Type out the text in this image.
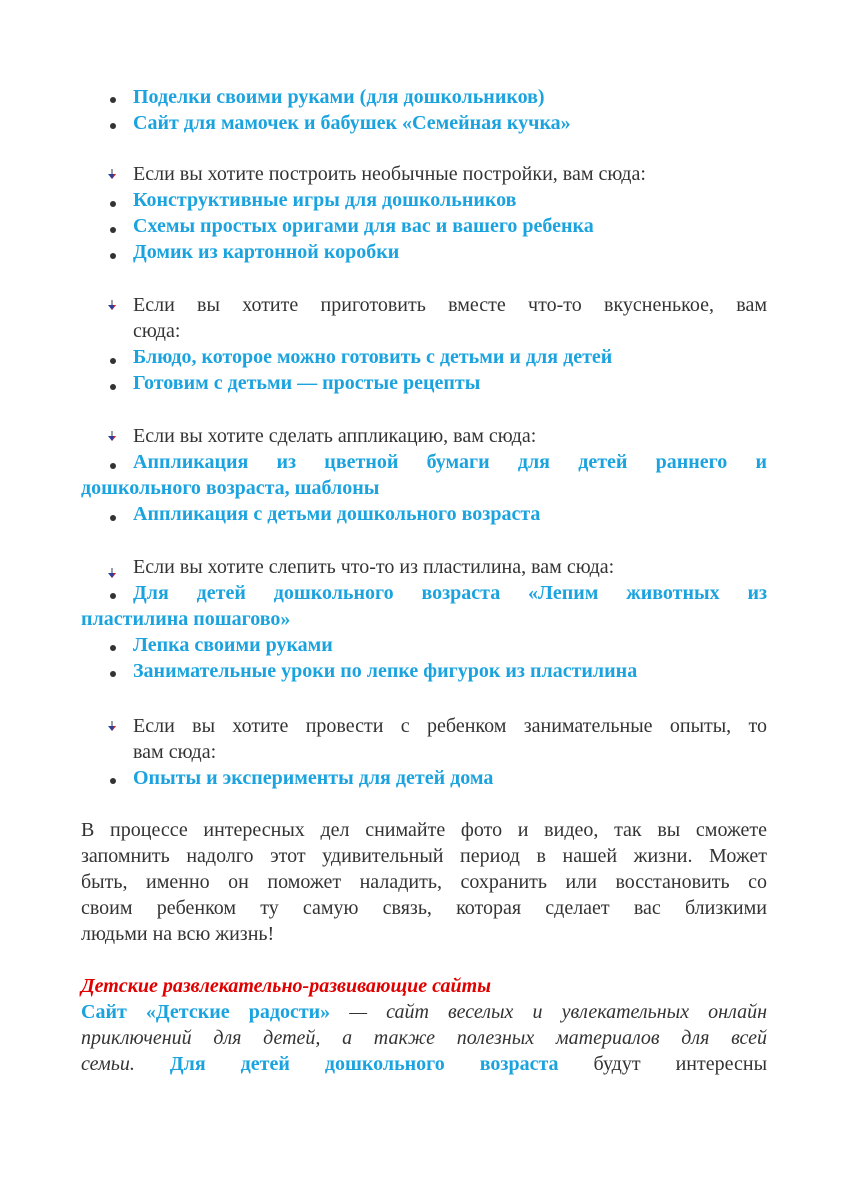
Поделки своими руками (для дошкольников)
Сайт для мамочек и бабушек «Семейная кучка»
Если вы хотите построить необычные постройки, вам сюда:
Конструктивные игры для дошкольников
Схемы простых оригами для вас и вашего ребенка
Домик из картонной коробки
Если вы хотите приготовить вместе что-то вкусненькое, вам
сюда:
Блюдо, которое можно готовить с детьми и для детей
Готовим с детьми — простые рецепты
Если вы хотите сделать аппликацию, вам сюда:
Аппликация из цветной бумаги для детей раннего и
дошкольного возраста, шаблоны
Аппликация с детьми дошкольного возраста
Если вы хотите слепить что-то из пластилина, вам сюда:
Для детей дошкольного возраста «Лепим животных из
пластилина пошагово»
Лепка своими руками
Занимательные уроки по лепке фигурок из пластилина
Если вы хотите провести с ребенком занимательные опыты, то
вам сюда:
Опыты и эксперименты для детей дома
В процессе интересных дел снимайте фото и видео, так вы сможете
запомнить надолго этот удивительный период в нашей жизни. Может
быть, именно он поможет наладить, сохранить или восстановить со
своим ребенком ту самую связь, которая сделает вас близкими
людьми на всю жизнь!
Детские развлекательно-развивающие сайты
Сайт «Детские радости» — сайт веселых и увлекательных онлайн
приключений для детей, а также полезных материалов для всей
семьи. Для детей дошкольного возраста будут интересны
